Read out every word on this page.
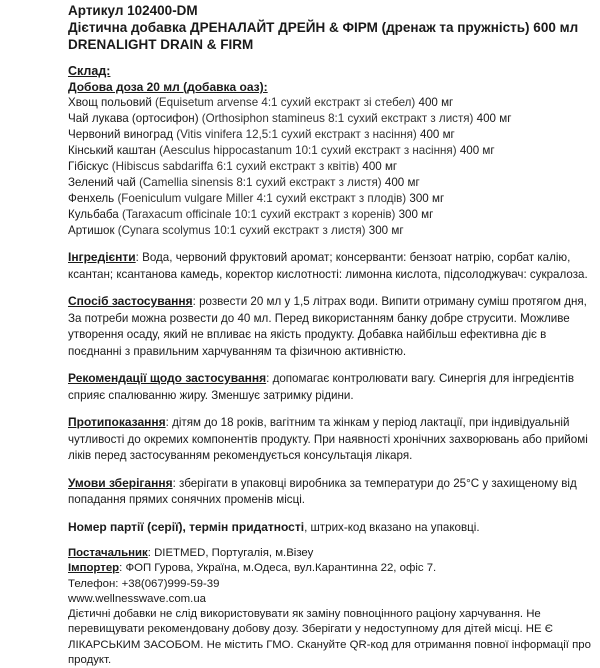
Артикул 102400-DM
Дієтична добавка ДРЕНАЛАЙТ ДРЕЙН & ФІРМ (дренаж та пружність) 600 мл
DRENALIGHT DRAIN & FIRM
Склад:
Добова доза 20 мл (добавка оаз):
Хвощ польовий (Equisetum arvense 4:1 сухий екстракт зі стебел) 400 мг
Чай лукава (ортосифон) (Orthosiphon stamineus 8:1 сухий екстракт з листя) 400 мг
Червоний виноград (Vitis vinifera 12,5:1 сухий екстракт з насіння) 400 мг
Кінський каштан (Aesculus hippocastanum 10:1 сухий екстракт з насіння) 400 мг
Гібіскус (Hibiscus sabdariffa 6:1 сухий екстракт з квітів) 400 мг
Зелений чай (Camellia sinensis 8:1 сухий екстракт з листя) 400 мг
Фенхель (Foeniculum vulgare Miller 4:1 сухий екстракт з плодів) 300 мг
Кульбаба (Taraxacum officinale 10:1 сухий екстракт з коренів) 300 мг
Артишок (Cynara scolymus 10:1 сухий екстракт з листя) 300 мг
Інгредієнти: Вода, червоний фруктовий аромат; консерванти: бензоат натрію, сорбат калію, ксантан; ксантанова камедь, коректор кислотності: лимонна кислота, підсолоджувач: сукралоза.
Спосіб застосування: розвести 20 мл у 1,5 літрах води. Випити отриману суміш протягом дня, За потреби можна розвести до 40 мл. Перед використанням банку добре струсити. Можливе утворення осаду, який не впливає на якість продукту. Добавка найбільш ефективна діє в поєднанні з правильним харчуванням та фізичною активністю.
Рекомендації щодо застосування: допомагає контролювати вагу. Синергія для інгредієнтів сприяє спалюванню жиру. Зменшує затримку рідини.
Протипоказання: дітям до 18 років, вагітним та жінкам у період лактації, при індивідуальній чутливості до окремих компонентів продукту. При наявності хронічних захворювань або прийомі ліків перед застосуванням рекомендується консультація лікаря.
Умови зберігання: зберігати в упаковці виробника за температури до 25°С у захищеному від попадання прямих сонячних променів місці.
Номер партії (серії), термін придатності, штрих-код вказано на упаковці.
Постачальник: DIETMED, Португалія, м.Візеу
Імпортер: ФОП Гурова, Україна, м.Одеса, вул.Карантинна 22, офіс 7.
Телефон: +38(067)999-59-39
www.wellnesswave.com.ua
Дієтичні добавки не слід використовувати як заміну повноцінного раціону харчування. Не перевищувати рекомендовану добову дозу. Зберігати у недоступному для дітей місці. НЕ Є ЛІКАРСЬКИМ ЗАСОБОМ. Не містить ГМО. Скануйте QR-код для отримання повної інформації про продукт.
